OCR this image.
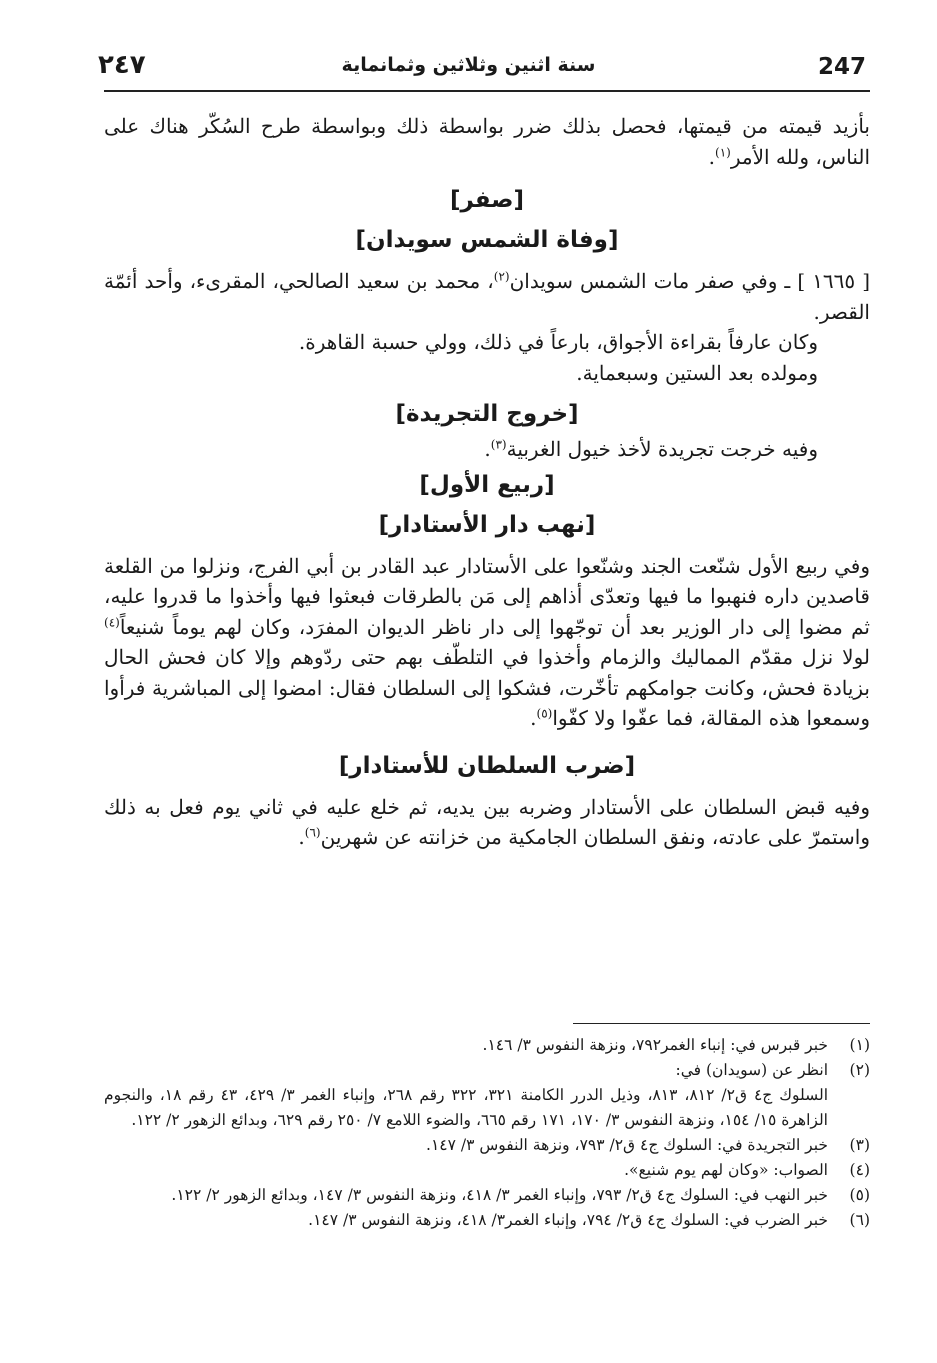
٢٤٧	سنة اثنين وثلاثين وثمانماية	247

بأزيد قيمته من قيمتها، فحصل بذلك ضرر بواسطة ذلك وبواسطة طرح السُكّر هناك على الناس، ولله الأمر$^{(١)}$.

[صفر]
[وفاة الشمس سويدان]

[ ١٦٦٥ ] ـ وفي صفر مات الشمس سويدان$^{(٢)}$، محمد بن سعيد الصالحي، المقرىء، وأحد أئمّة القصر.

وكان عارفاً بقراءة الأجواق، بارعاً في ذلك، وولي حسبة القاهرة.

ومولده بعد الستين وسبعماية.

[خروج التجريدة]

وفيه خرجت تجريدة لأخذ خيول الغربية$^{(٣)}$.

[ربيع الأول]
[نهب دار الأستادار]

وفي ربيع الأول شنّعت الجند وشنّعوا على الأستادار عبد القادر بن أبي الفرج، ونزلوا من القلعة قاصدين داره فنهبوا ما فيها وتعدّى أذاهم إلى مَن بالطرقات فبعثوا فيها وأخذوا ما قدروا عليه، ثم مضوا إلى دار الوزير بعد أن توجّهوا إلى دار ناظر الديوان المفرَد، وكان لهم يوماً شنيعاً$^{(٤)}$ لولا نزل مقدّم المماليك والزمام وأخذوا في التلطّف بهم حتى ردّوهم وإلا كان فحش الحال بزيادة فحش، وكانت جوامكهم تأخّرت، فشكوا إلى السلطان فقال: امضوا إلى المباشرية فرأوا وسمعوا هذه المقالة، فما عفّوا ولا كفّوا$^{(٥)}$.

[ضرب السلطان للأستادار]

وفيه قبض السلطان على الأستادار وضربه بين يديه، ثم خلع عليه في ثاني يوم فعل به ذلك واستمرّ على عادته، ونفق السلطان الجامكية من خزانته عن شهرين$^{(٦)}$.

(١)
خبر قبرس في: إنباء الغمر٧٩٢، ونزهة النفوس ٣/ ١٤٦.
(٢)
انظر عن (سويدان) في:
السلوك ج٤ ق٢/ ٨١٢، ٨١٣، وذيل الدرر الكامنة ٣٢١، ٣٢٢ رقم ٢٦٨، وإنباء الغمر ٣/ ٤٢٩، ٤٣ رقم ١٨، والنجوم الزاهرة ١٥/ ١٥٤، ونزهة النفوس ٣/ ١٧٠، ١٧١ رقم ٦٦٥، والضوء اللامع ٧/ ٢٥٠ رقم ٦٢٩، وبدائع الزهور ٢/ ١٢٢.
(٣)
خبر التجريدة في: السلوك ج٤ ق٢/ ٧٩٣، ونزهة النفوس ٣/ ١٤٧.
(٤)
الصواب: «وكان لهم يوم شنيع».
(٥)
خبر النهب في: السلوك ج٤ ق٢/ ٧٩٣، وإنباء الغمر ٣/ ٤١٨، ونزهة النفوس ٣/ ١٤٧، وبدائع الزهور ٢/ ١٢٢.
(٦)
خبر الضرب في: السلوك ج٤ ق٢/ ٧٩٤، وإنباء الغمر٣/ ٤١٨، ونزهة النفوس ٣/ ١٤٧.
